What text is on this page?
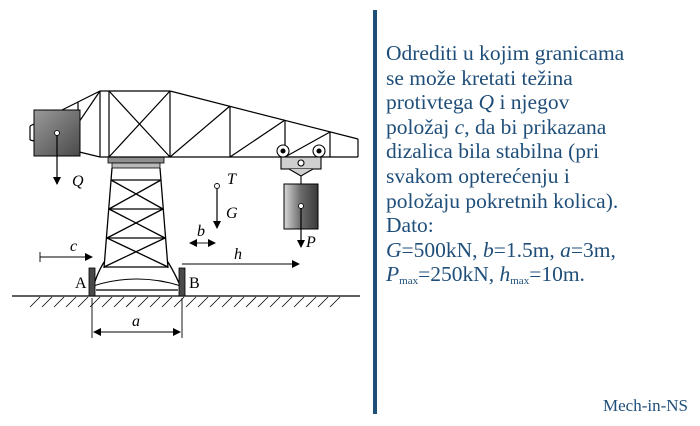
Q
P
T
G
c
b
h
a
A	B
Odrediti u kojim granicama
se može kretati težina
protivtega Q i njegov
položaj c, da bi prikazana
dizalica bila stabilna (pri
svakom opterećenju i
položaju pokretnih kolica).
Dato:
G=500kN, b=1.5m, a=3m,
$P_{max}=250kN$, $h_{max}=10m$.
Mech-in-NS
